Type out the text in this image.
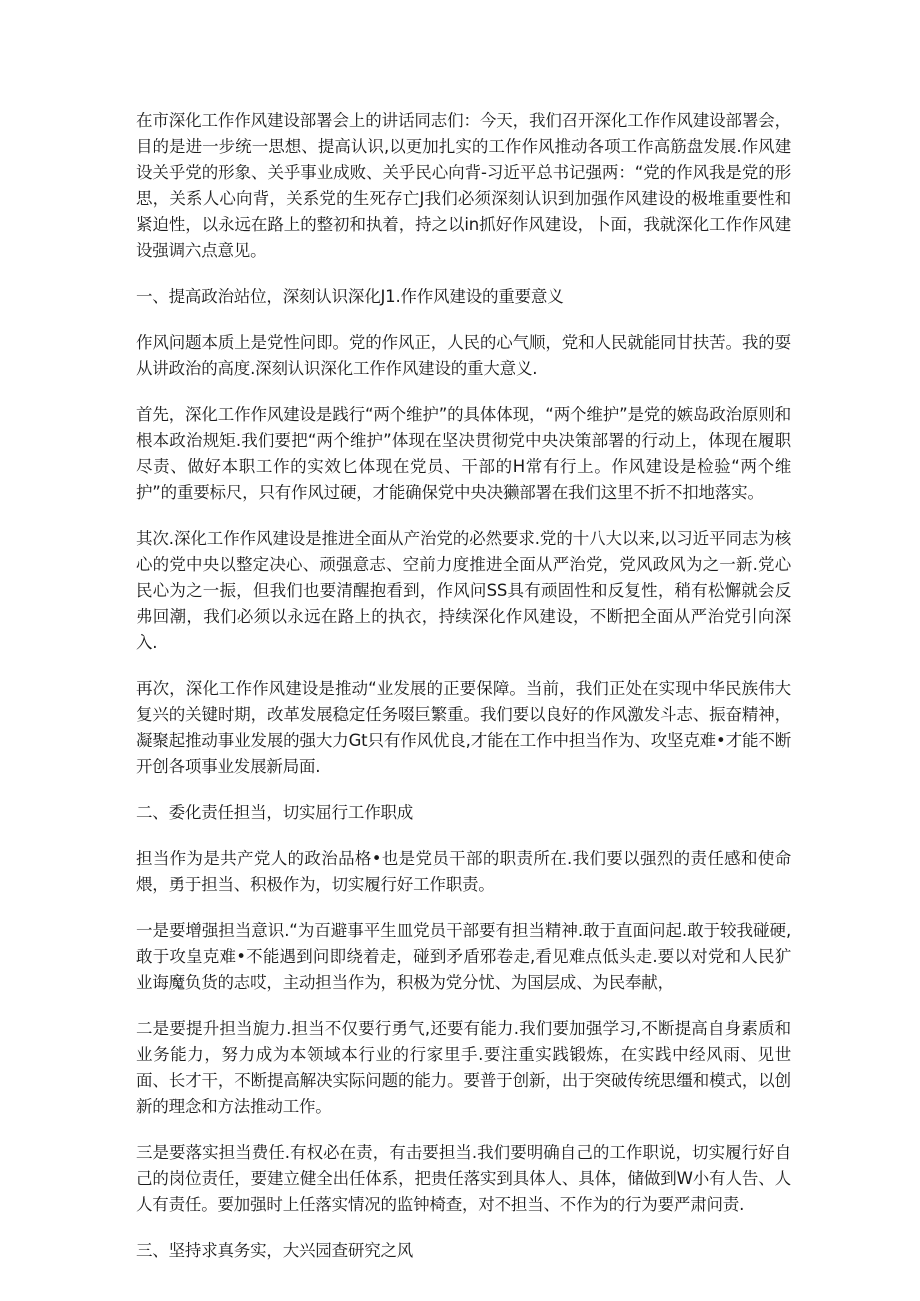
在市深化工作作风建设部署会上的讲话同志们：今天，我们召开深化工作作风建设部署会，目的是进一步统一思想、提高认识,以更加扎实的工作作风推动各项工作高筋盘发展.作风建设关乎党的形象、关乎事业成败、关乎民心向背-习近平总书记强两：“党的作风我是党的形思，关系人心向背，关系党的生死存亡J我们必须深刻认识到加强作风建设的极堆重要性和紧迫性，以永远在路上的整初和执着，持之以in抓好作风建设，卜面，我就深化工作作风建设强调六点意见。

一、提高政治站位，深刻认识深化J1.作作风建设的重要意义

作风问题本质上是党性问即。党的作风正，人民的心气顺，党和人民就能同甘扶苦。我的耍从讲政治的高度.深刻认识深化工作作风建设的重大意义.

首先，深化工作作风建设是践行“两个维护”的具体体现，“两个维护”是党的嫉岛政治原则和根本政治规矩.我们要把“两个维护”体现在坚决贯彻党中央决策部署的行动上，体现在履职尽责、做好本职工作的实效匕体现在党员、干部的H常有行上。作风建设是检验“两个维护”的重要标尺，只有作风过硬，才能确保党中央决獭部署在我们这里不折不扣地落实。

其次.深化工作作风建设是推进全面从产治党的必然要求.党的十八大以来,以习近平同志为核心的党中央以整定决心、顽强意志、空前力度推进全面从严治党，党风政风为之一新.党心民心为之一振，但我们也要清醒抱看到，作风问SS具有顽固性和反复性，稍有松懈就会反弗回潮，我们必须以永远在路上的执衣，持续深化作风建设，不断把全面从严治党引向深入.

再次，深化工作作风建设是推动“业发展的正要保障。当前，我们正处在实现中华民族伟大复兴的关键时期，改革发展稳定任务啜巨繁重。我们要以良好的作风激发斗志、振奋精神，凝聚起推动事业发展的强大力Gt只有作风优良,才能在工作中担当作为、攻坚克难•才能不断开创各项事业发展新局面.

二、委化责任担当，切实屈行工作职成

担当作为是共产党人的政治品格•也是党员干部的职责所在.我们要以强烈的责任感和使命煨，勇于担当、积极作为，切实履行好工作职责。

一是要增强担当意识.“为百避事平生皿党员干部要有担当精神.敢于直面问起.敢于较我碰硬,敢于攻皇克难•不能遇到问即绕着走，碰到矛盾邪卷走,看见难点低头走.要以对党和人民犷业诲魔负货的志哎，主动担当作为，积极为党分忧、为国层成、为民奉献，

二是要提升担当旎力.担当不仅要行勇气,还要有能力.我们要加强学习,不断提高自身素质和业务能力，努力成为本领域本行业的行家里手.要注重实践锻炼，在实践中经风雨、见世面、长才干，不断提高解决实际问题的能力。要普于创新，出于突破传统思缰和模式，以创新的理念和方法推动工作。

三是要落实担当费任.有权必在责，有击要担当.我们要明确自己的工作职说，切实履行好自己的岗位责任，要建立健全出任体系，把贵任落实到具体人、具体，储做到W小有人告、人人有责任。要加强时上任落实情况的监钟椅查，对不担当、不作为的行为要严肃问责.

三、坚持求真务实，大兴园查研究之风
